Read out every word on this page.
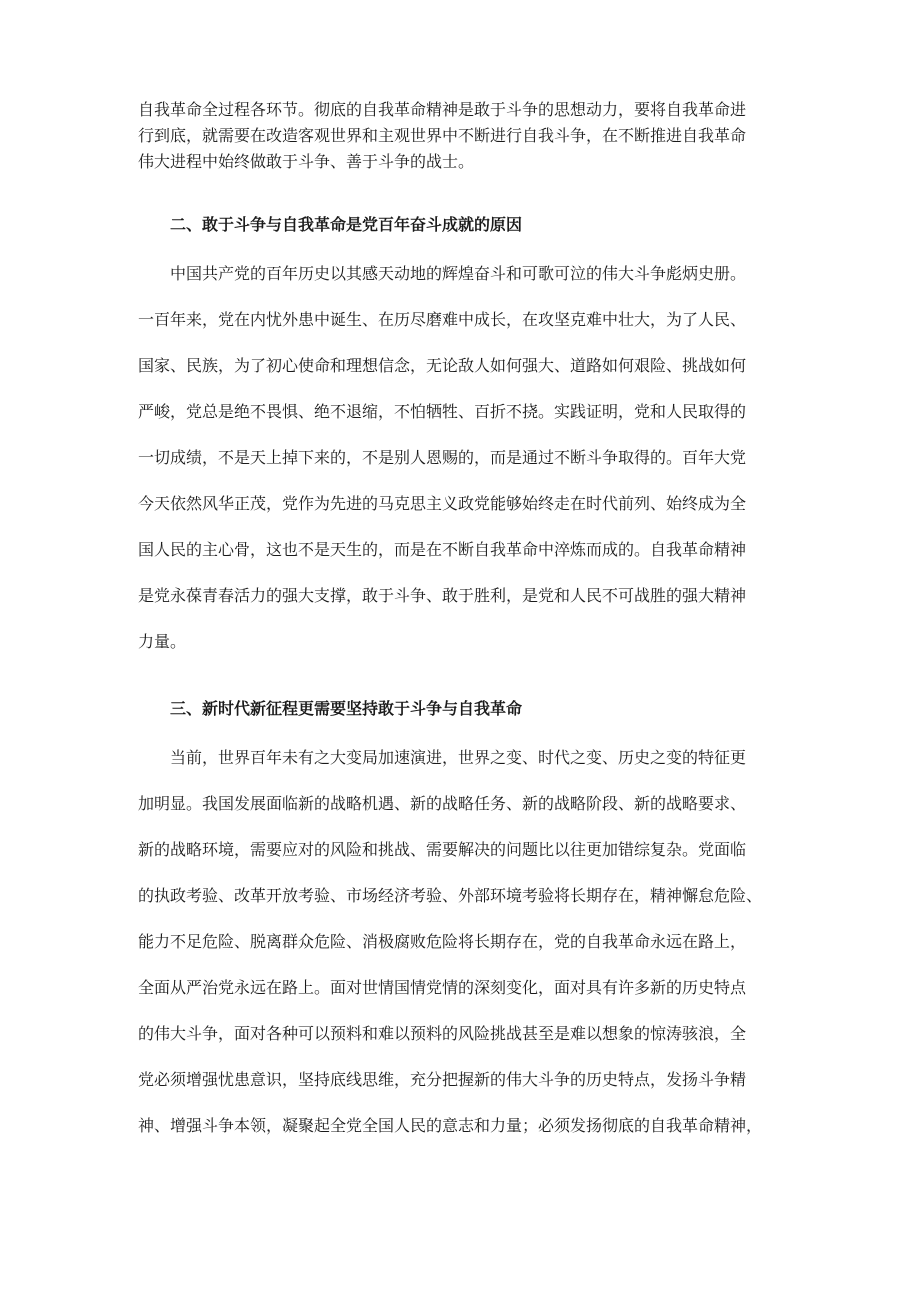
自我革命全过程各环节。彻底的自我革命精神是敢于斗争的思想动力，要将自我革命进
行到底，就需要在改造客观世界和主观世界中不断进行自我斗争，在不断推进自我革命
伟大进程中始终做敢于斗争、善于斗争的战士。
二、敢于斗争与自我革命是党百年奋斗成就的原因
中国共产党的百年历史以其感天动地的辉煌奋斗和可歌可泣的伟大斗争彪炳史册。
一百年来，党在内忧外患中诞生、在历尽磨难中成长，在攻坚克难中壮大，为了人民、
国家、民族，为了初心使命和理想信念，无论敌人如何强大、道路如何艰险、挑战如何
严峻，党总是绝不畏惧、绝不退缩，不怕牺牲、百折不挠。实践证明，党和人民取得的
一切成绩，不是天上掉下来的，不是别人恩赐的，而是通过不断斗争取得的。百年大党
今天依然风华正茂，党作为先进的马克思主义政党能够始终走在时代前列、始终成为全
国人民的主心骨，这也不是天生的，而是在不断自我革命中淬炼而成的。自我革命精神
是党永葆青春活力的强大支撑，敢于斗争、敢于胜利，是党和人民不可战胜的强大精神
力量。
三、新时代新征程更需要坚持敢于斗争与自我革命
当前，世界百年未有之大变局加速演进，世界之变、时代之变、历史之变的特征更
加明显。我国发展面临新的战略机遇、新的战略任务、新的战略阶段、新的战略要求、
新的战略环境，需要应对的风险和挑战、需要解决的问题比以往更加错综复杂。党面临
的执政考验、改革开放考验、市场经济考验、外部环境考验将长期存在，精神懈怠危险、
能力不足危险、脱离群众危险、消极腐败危险将长期存在，党的自我革命永远在路上，
全面从严治党永远在路上。面对世情国情党情的深刻变化，面对具有许多新的历史特点
的伟大斗争，面对各种可以预料和难以预料的风险挑战甚至是难以想象的惊涛骇浪，全
党必须增强忧患意识，坚持底线思维，充分把握新的伟大斗争的历史特点，发扬斗争精
神、增强斗争本领，凝聚起全党全国人民的意志和力量；必须发扬彻底的自我革命精神，
